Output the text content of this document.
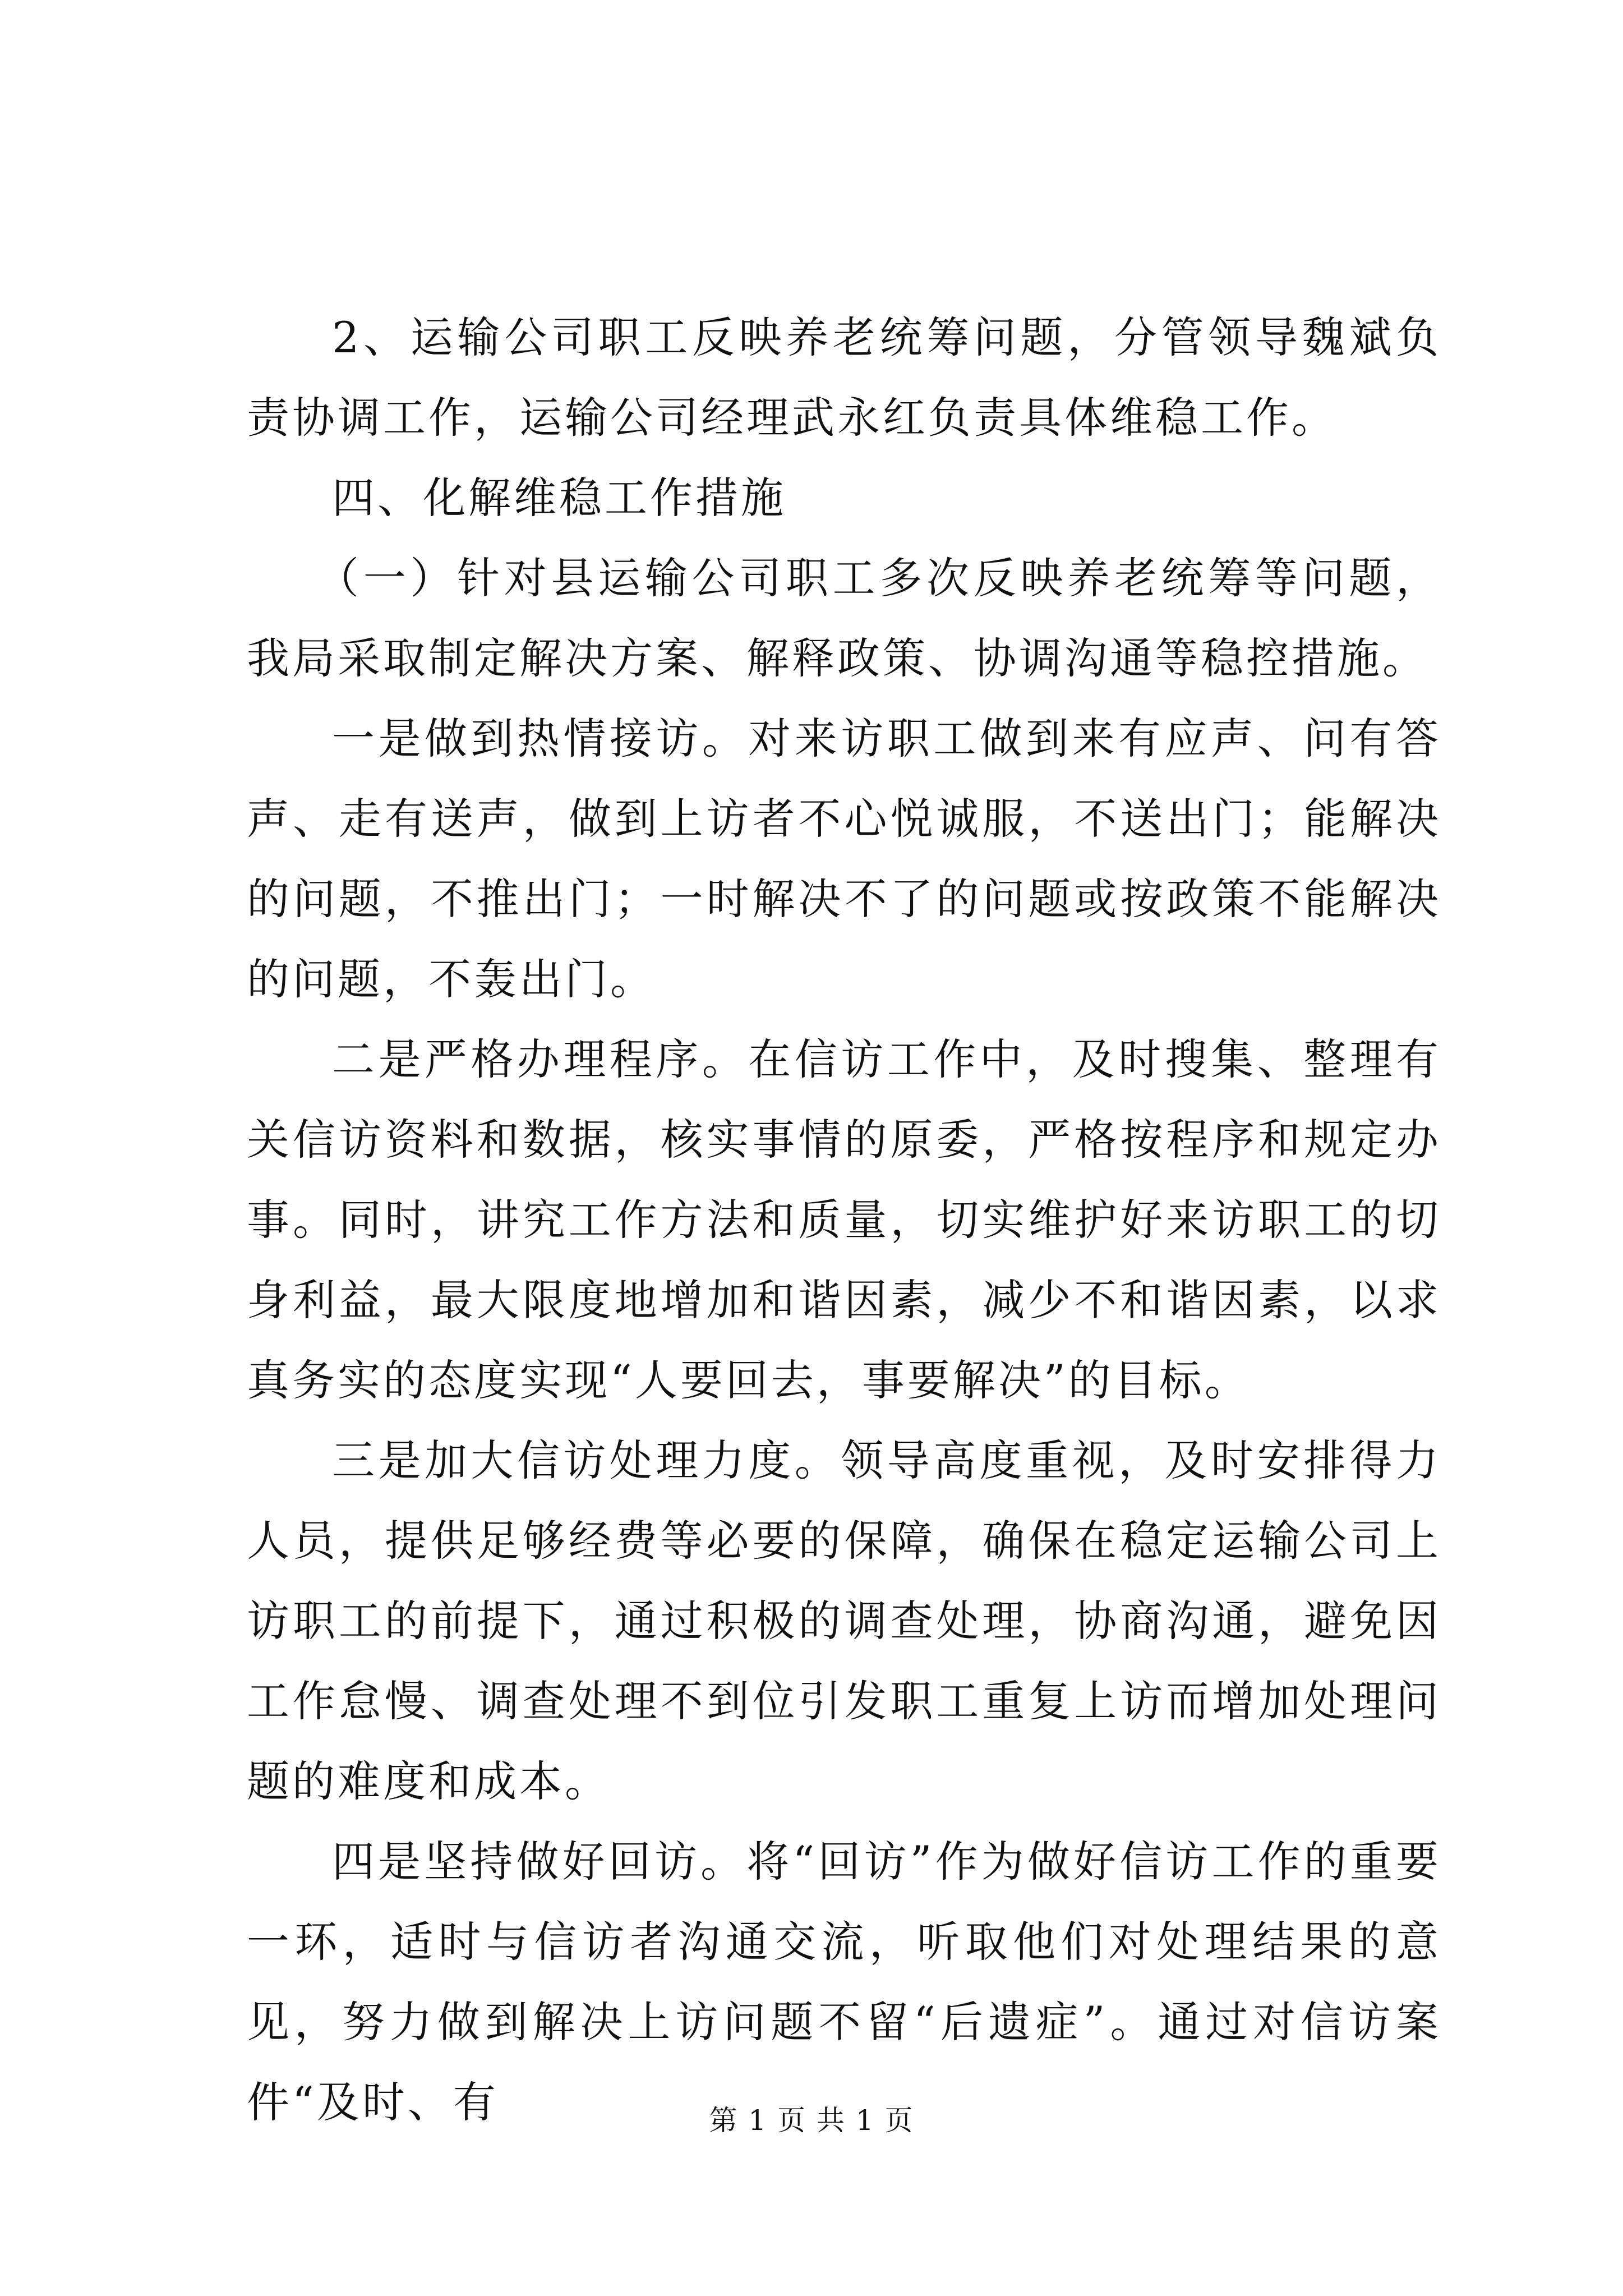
2、运输公司职工反映养老统筹问题，分管领导魏斌负责协调工作，运输公司经理武永红负责具体维稳工作。

四、化解维稳工作措施

（一）针对县运输公司职工多次反映养老统筹等问题，我局采取制定解决方案、解释政策、协调沟通等稳控措施。

一是做到热情接访。对来访职工做到来有应声、问有答声、走有送声，做到上访者不心悦诚服，不送出门；能解决的问题，不推出门；一时解决不了的问题或按政策不能解决的问题，不轰出门。

二是严格办理程序。在信访工作中，及时搜集、整理有关信访资料和数据，核实事情的原委，严格按程序和规定办事。同时，讲究工作方法和质量，切实维护好来访职工的切身利益，最大限度地增加和谐因素，减少不和谐因素，以求真务实的态度实现“人要回去，事要解决”的目标。

三是加大信访处理力度。领导高度重视，及时安排得力人员，提供足够经费等必要的保障，确保在稳定运输公司上访职工的前提下，通过积极的调查处理，协商沟通，避免因工作怠慢、调查处理不到位引发职工重复上访而增加处理问题的难度和成本。

四是坚持做好回访。将“回访”作为做好信访工作的重要一环，适时与信访者沟通交流，听取他们对处理结果的意见，努力做到解决上访问题不留“后遗症”。通过对信访案件“及时、有	第 1 页 共 1 页
